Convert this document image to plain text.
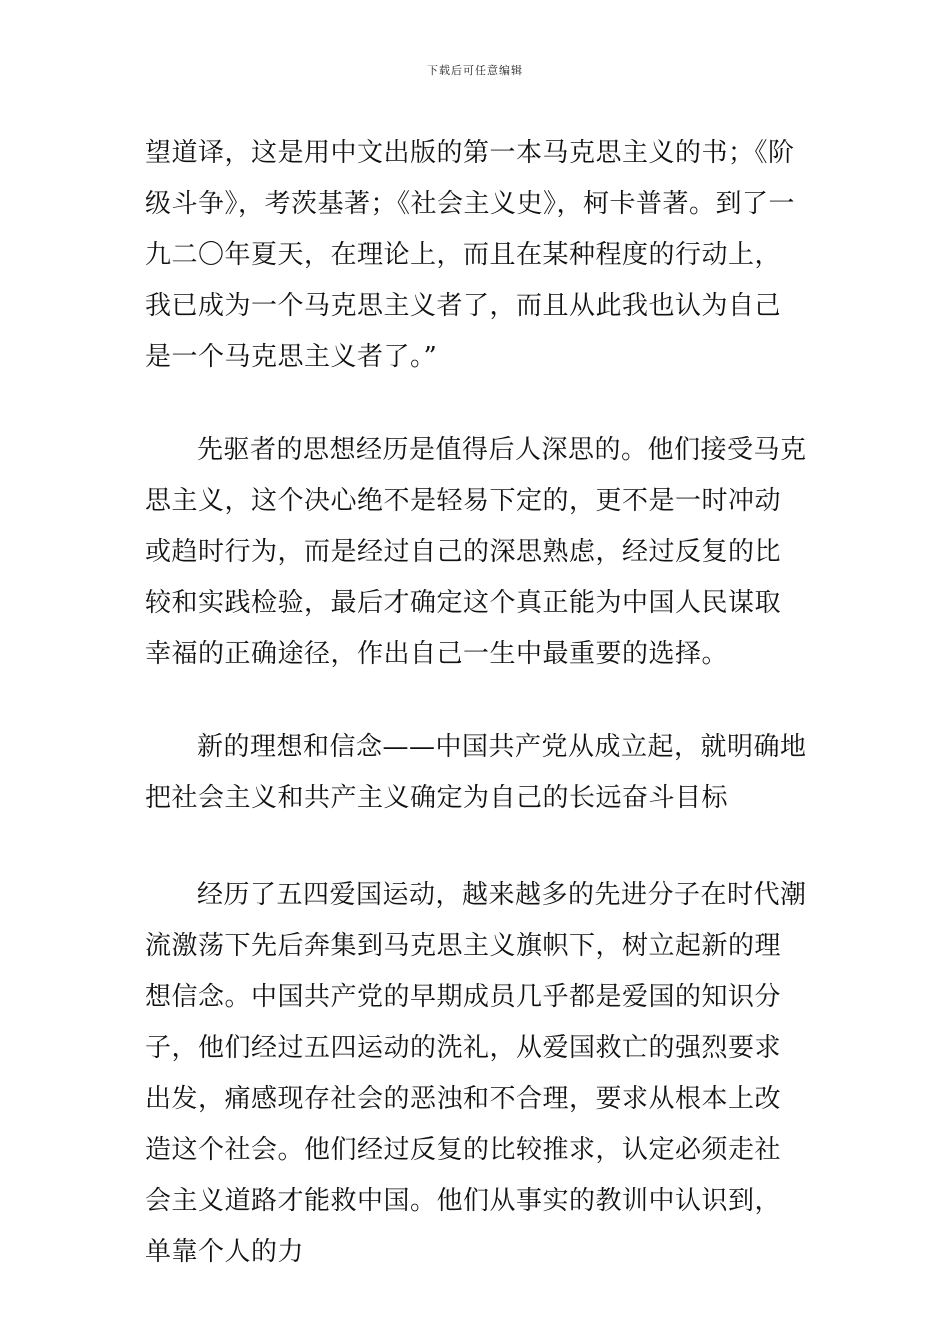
下载后可任意编辑

望道译，这是用中文出版的第一本马克思主义的书；《阶级斗争》，考茨基著；《社会主义史》，柯卡普著。到了一九二〇年夏天，在理论上，而且在某种程度的行动上，我已成为一个马克思主义者了，而且从此我也认为自己是一个马克思主义者了。”

先驱者的思想经历是值得后人深思的。他们接受马克思主义，这个决心绝不是轻易下定的，更不是一时冲动或趋时行为，而是经过自己的深思熟虑，经过反复的比较和实践检验，最后才确定这个真正能为中国人民谋取幸福的正确途径，作出自己一生中最重要的选择。

新的理想和信念——中国共产党从成立起，就明确地把社会主义和共产主义确定为自己的长远奋斗目标

经历了五四爱国运动，越来越多的先进分子在时代潮流激荡下先后奔集到马克思主义旗帜下，树立起新的理想信念。中国共产党的早期成员几乎都是爱国的知识分子，他们经过五四运动的洗礼，从爱国救亡的强烈要求出发，痛感现存社会的恶浊和不合理，要求从根本上改造这个社会。他们经过反复的比较推求，认定必须走社会主义道路才能救中国。他们从事实的教训中认识到，单靠个人的力
